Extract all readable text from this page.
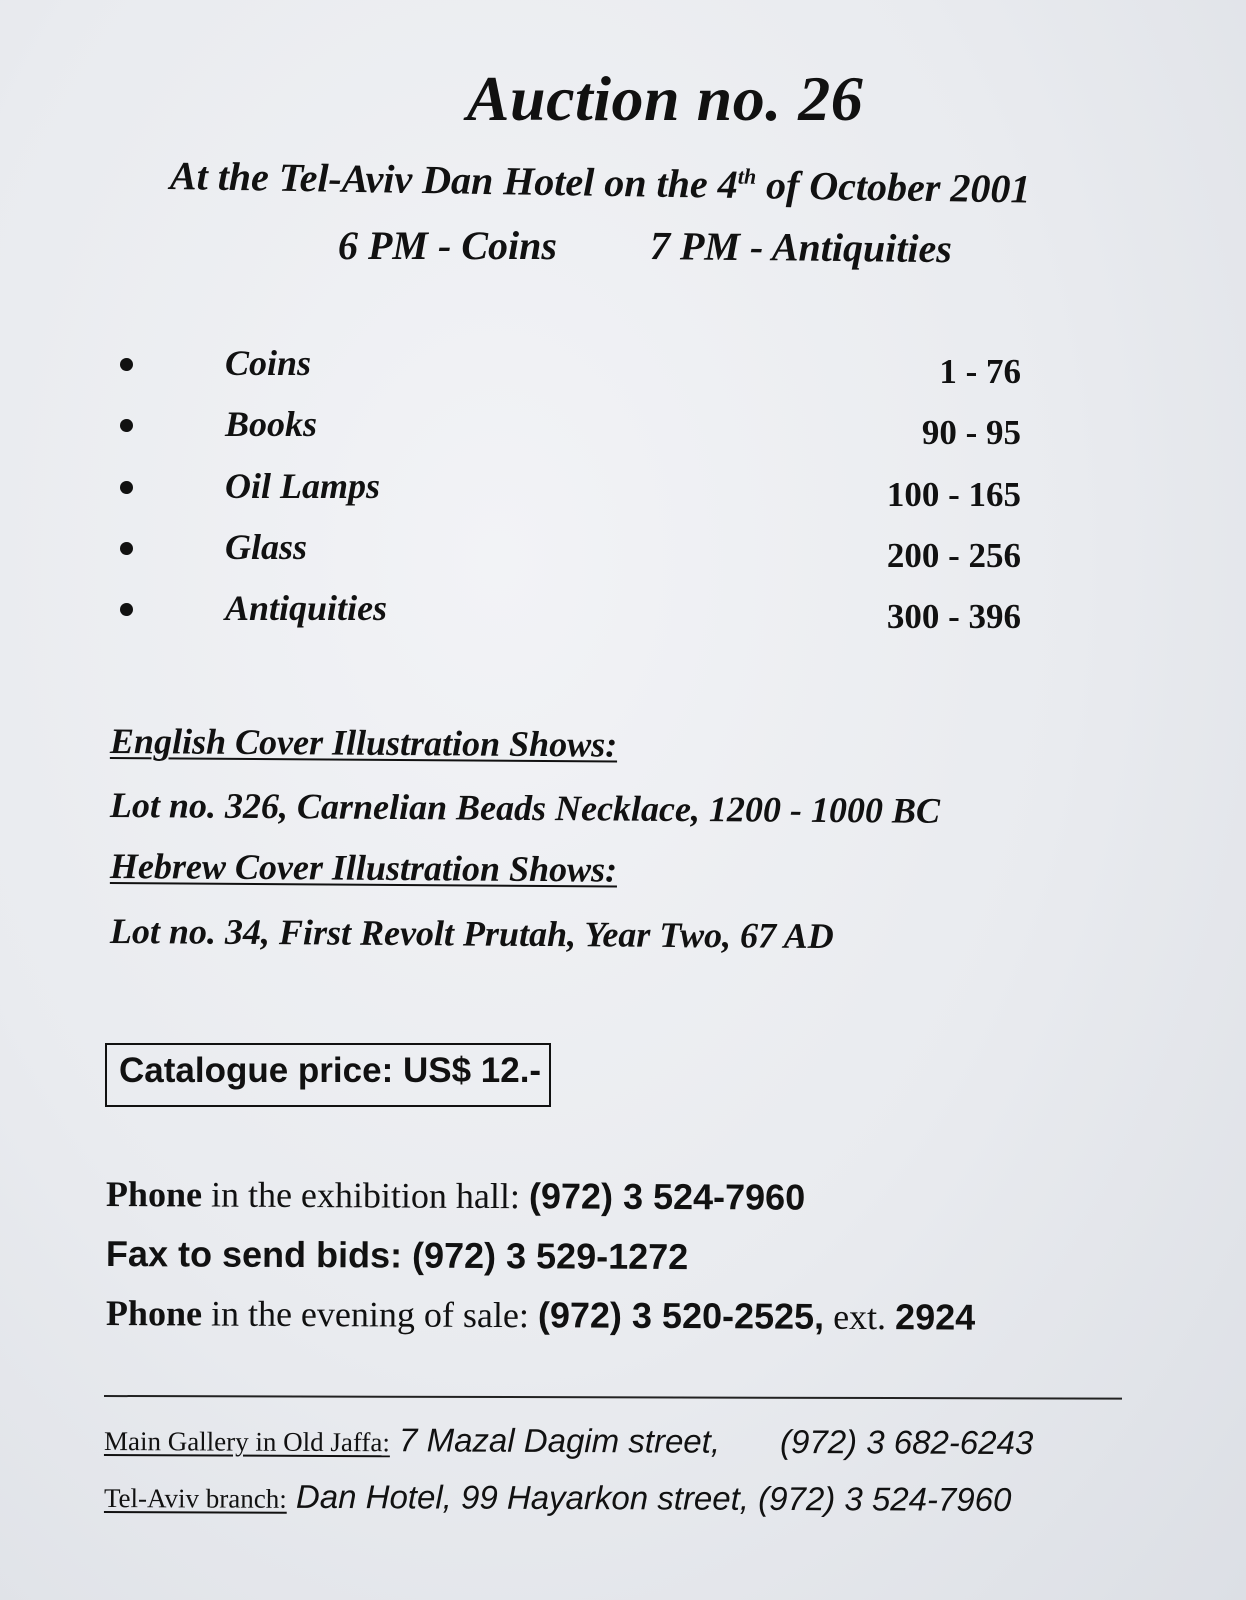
Auction no. 26
At the Tel-Aviv Dan Hotel on the 4th of October 2001
6 PM - Coins 7 PM - Antiquities
Coins	1 - 76
Books	90 - 95
Oil Lamps	100 - 165
Glass	200 - 256
Antiquities	300 - 396
English Cover Illustration Shows:
Lot no. 326, Carnelian Beads Necklace, 1200 - 1000 BC
Hebrew Cover Illustration Shows:
Lot no. 34, First Revolt Prutah, Year Two, 67 AD
Catalogue price: US$ 12.-
Phone in the exhibition hall: (972) 3 524-7960
Fax to send bids: (972) 3 529-1272
Phone in the evening of sale: (972) 3 520-2525, ext. 2924
Main Gallery in Old Jaffa: 7 Mazal Dagim street, (972) 3 682-6243
Tel-Aviv branch: Dan Hotel, 99 Hayarkon street, (972) 3 524-7960
